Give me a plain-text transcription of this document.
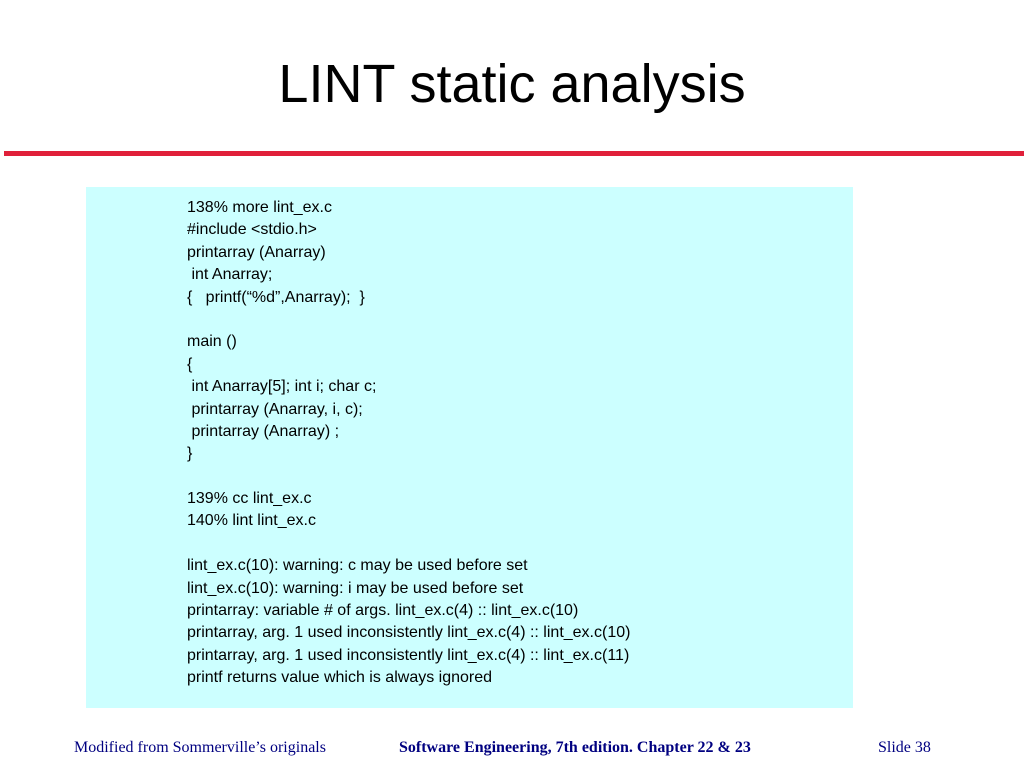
LINT static analysis
138% more lint_ex.c
#include <stdio.h>
printarray (Anarray)
int Anarray;
{   printf(“%d”,Anarray);  }
main ()
{
int Anarray[5]; int i; char c;
printarray (Anarray, i, c);
printarray (Anarray) ;
}
139% cc lint_ex.c
140% lint lint_ex.c
lint_ex.c(10): warning: c may be used before set
lint_ex.c(10): warning: i may be used before set
printarray: variable # of args. lint_ex.c(4) :: lint_ex.c(10)
printarray, arg. 1 used inconsistently lint_ex.c(4) :: lint_ex.c(10)
printarray, arg. 1 used inconsistently lint_ex.c(4) :: lint_ex.c(11)
printf returns value which is always ignored
Modified from Sommerville’s originals	Software Engineering, 7th edition. Chapter 22 & 23	Slide 38
